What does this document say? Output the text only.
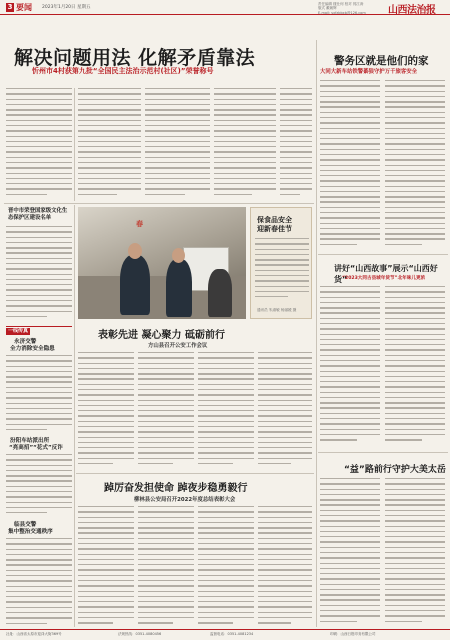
3 要闻 2023年1月20日 星期五
责任编辑 楼仕何 校对 郭江涛
版式 戴朝辉
E-mail: sxfzbbxb@126.com 山西法治报
解决问题用法 化解矛盾靠法
忻州市4村获第九批“全国民主法治示范村(社区)”荣誉称号
警务区就是他们的家
大同大新车站铁警綦狼守护万千旅客安全
讲好“山西故事”展示“山西好货”
“2023大同古县城年货节”北年味儿更浓
“益”路前行守护大美太岳
晋中市荣登国家级文化生态保护区建设名单
一线传真
永济交警
全力消除安全隐患
汾阳车站派出所
“亮高招”“花式”反诈
临县交警
集中整治交通秩序
春	保食品安全
迎新春佳节
通讯员 朱淑敏 杨丽媛 摄
表彰先进 凝心聚力 砥砺前行
方山县召开公安工作会议
踔厉奋发担使命 踔夜步稳勇毅行
柳林县公安局召开2022年度总结表彰大会
社址：山西省太原市迎泽大街369号	法规热线：0351-4080456	监督电话：0351-4081234	印刷：山西日报印务有限公司
